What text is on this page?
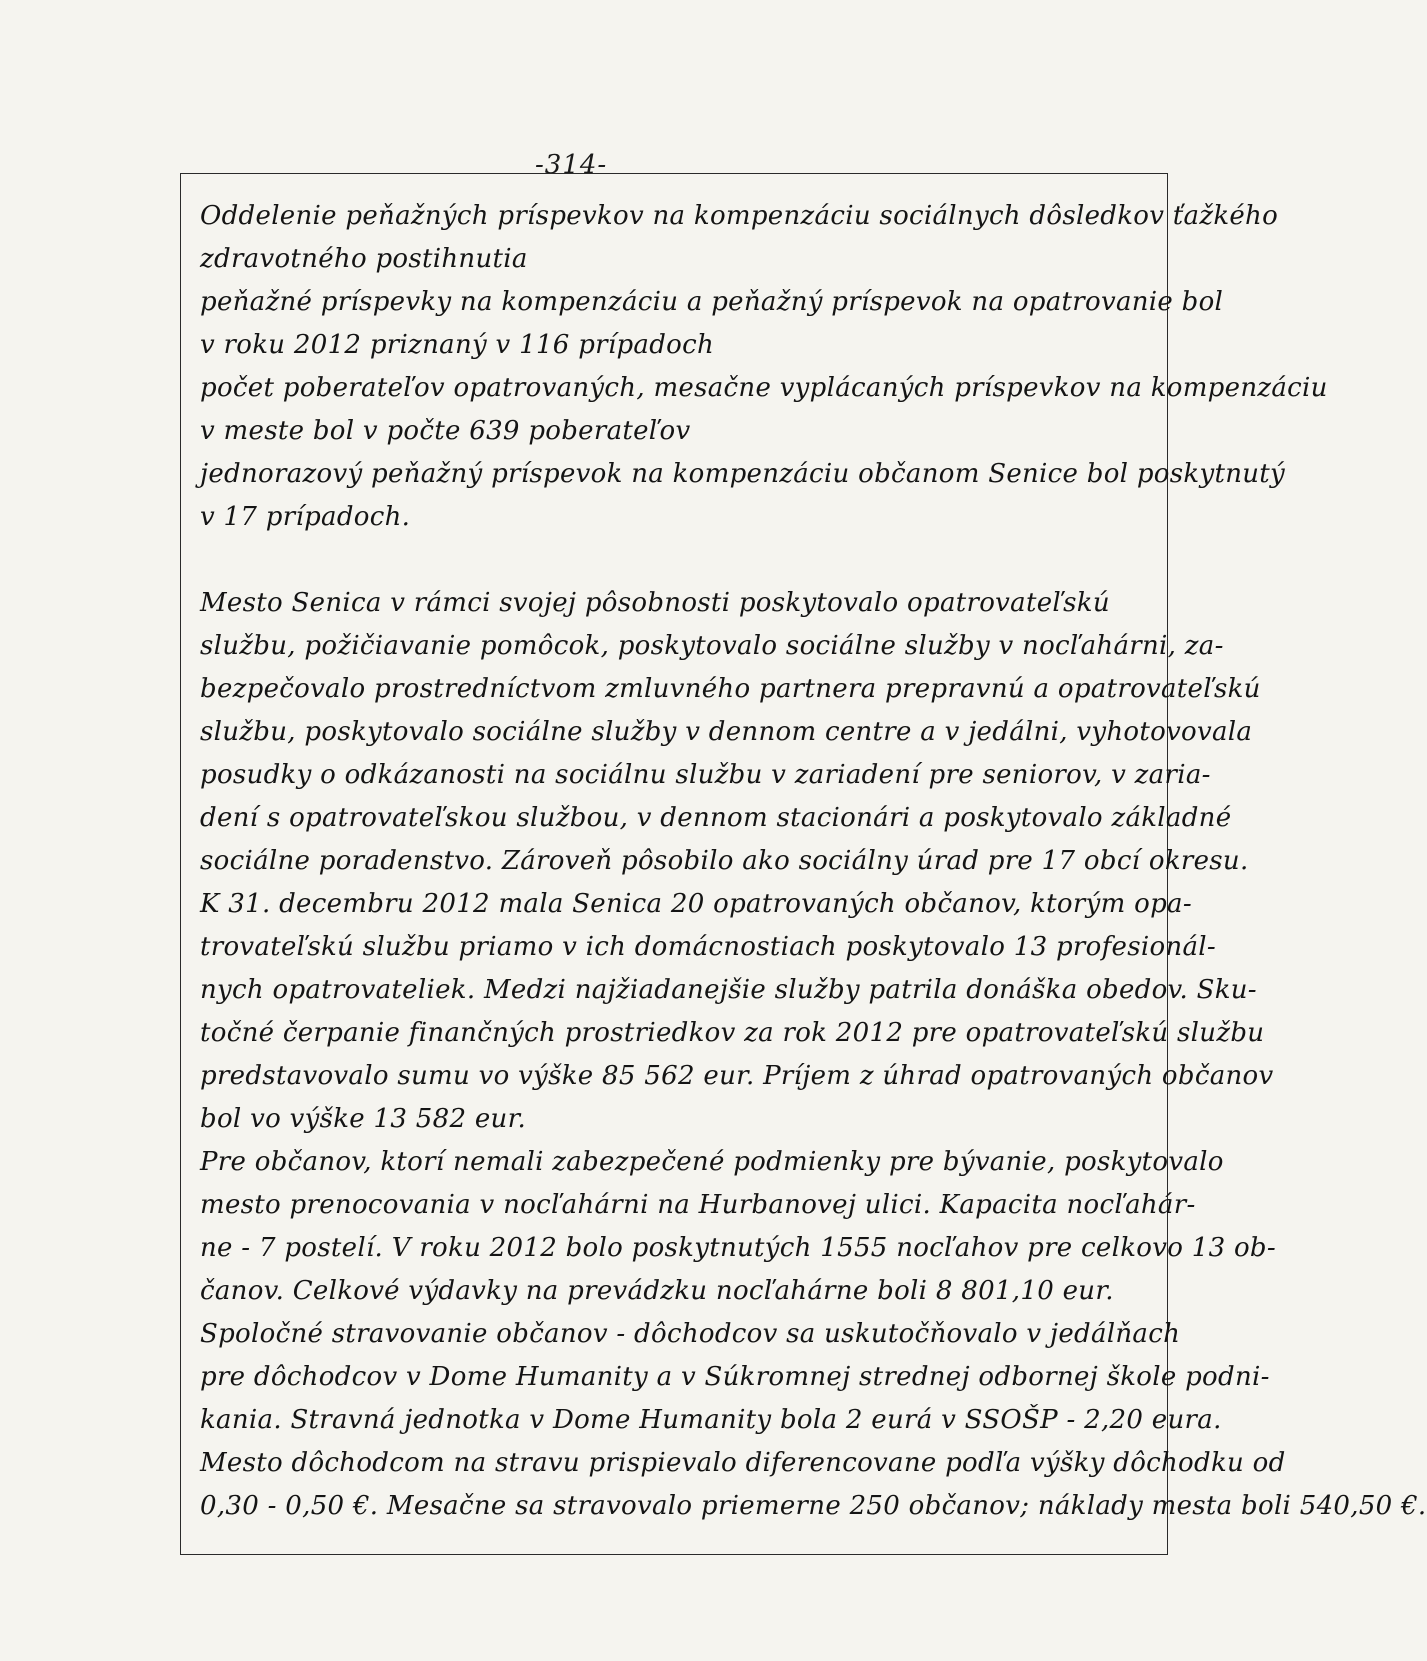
-314-
Oddelenie peňažných príspevkov na kompenzáciu sociálnych dôsledkov ťažkého
zdravotného postihnutia
peňažné príspevky na kompenzáciu a peňažný príspevok na opatrovanie bol
v roku 2012 priznaný v 116 prípadoch
počet poberateľov opatrovaných, mesačne vyplácaných príspevkov na kompenzáciu
v meste bol v počte 639 poberateľov
jednorazový peňažný príspevok na kompenzáciu občanom Senice bol poskytnutý
v 17 prípadoch.
Mesto Senica v rámci svojej pôsobnosti poskytovalo opatrovateľskú
službu, požičiavanie pomôcok, poskytovalo sociálne služby v nocľahárni, za-
bezpečovalo prostredníctvom zmluvného partnera prepravnú a opatrovateľskú
službu, poskytovalo sociálne služby v dennom centre a v jedálni, vyhotovovala
posudky o odkázanosti na sociálnu službu v zariadení pre seniorov, v zaria-
dení s opatrovateľskou službou, v dennom stacionári a poskytovalo základné
sociálne poradenstvo. Zároveň pôsobilo ako sociálny úrad pre 17 obcí okresu.
K 31. decembru 2012 mala Senica 20 opatrovaných občanov, ktorým opa-
trovateľskú službu priamo v ich domácnostiach poskytovalo 13 profesionál-
nych opatrovateliek. Medzi najžiadanejšie služby patrila donáška obedov. Sku-
točné čerpanie finančných prostriedkov za rok 2012 pre opatrovateľskú službu
predstavovalo sumu vo výške 85 562 eur. Príjem z úhrad opatrovaných občanov
bol vo výške 13 582 eur.
Pre občanov, ktorí nemali zabezpečené podmienky pre bývanie, poskytovalo
mesto prenocovania v nocľahárni na Hurbanovej ulici. Kapacita nocľahár-
ne - 7 postelí. V roku 2012 bolo poskytnutých 1555 nocľahov pre celkovo 13 ob-
čanov. Celkové výdavky na prevádzku nocľahárne boli 8 801,10 eur.
Spoločné stravovanie občanov - dôchodcov sa uskutočňovalo v jedálňach
pre dôchodcov v Dome Humanity a v Súkromnej strednej odbornej škole podni-
kania. Stravná jednotka v Dome Humanity bola 2 eurá v SSOŠP - 2,20 eura.
Mesto dôchodcom na stravu prispievalo diferencovane podľa výšky dôchodku od
0,30 - 0,50 €. Mesačne sa stravovalo priemerne 250 občanov; náklady mesta boli 540,50 €.
